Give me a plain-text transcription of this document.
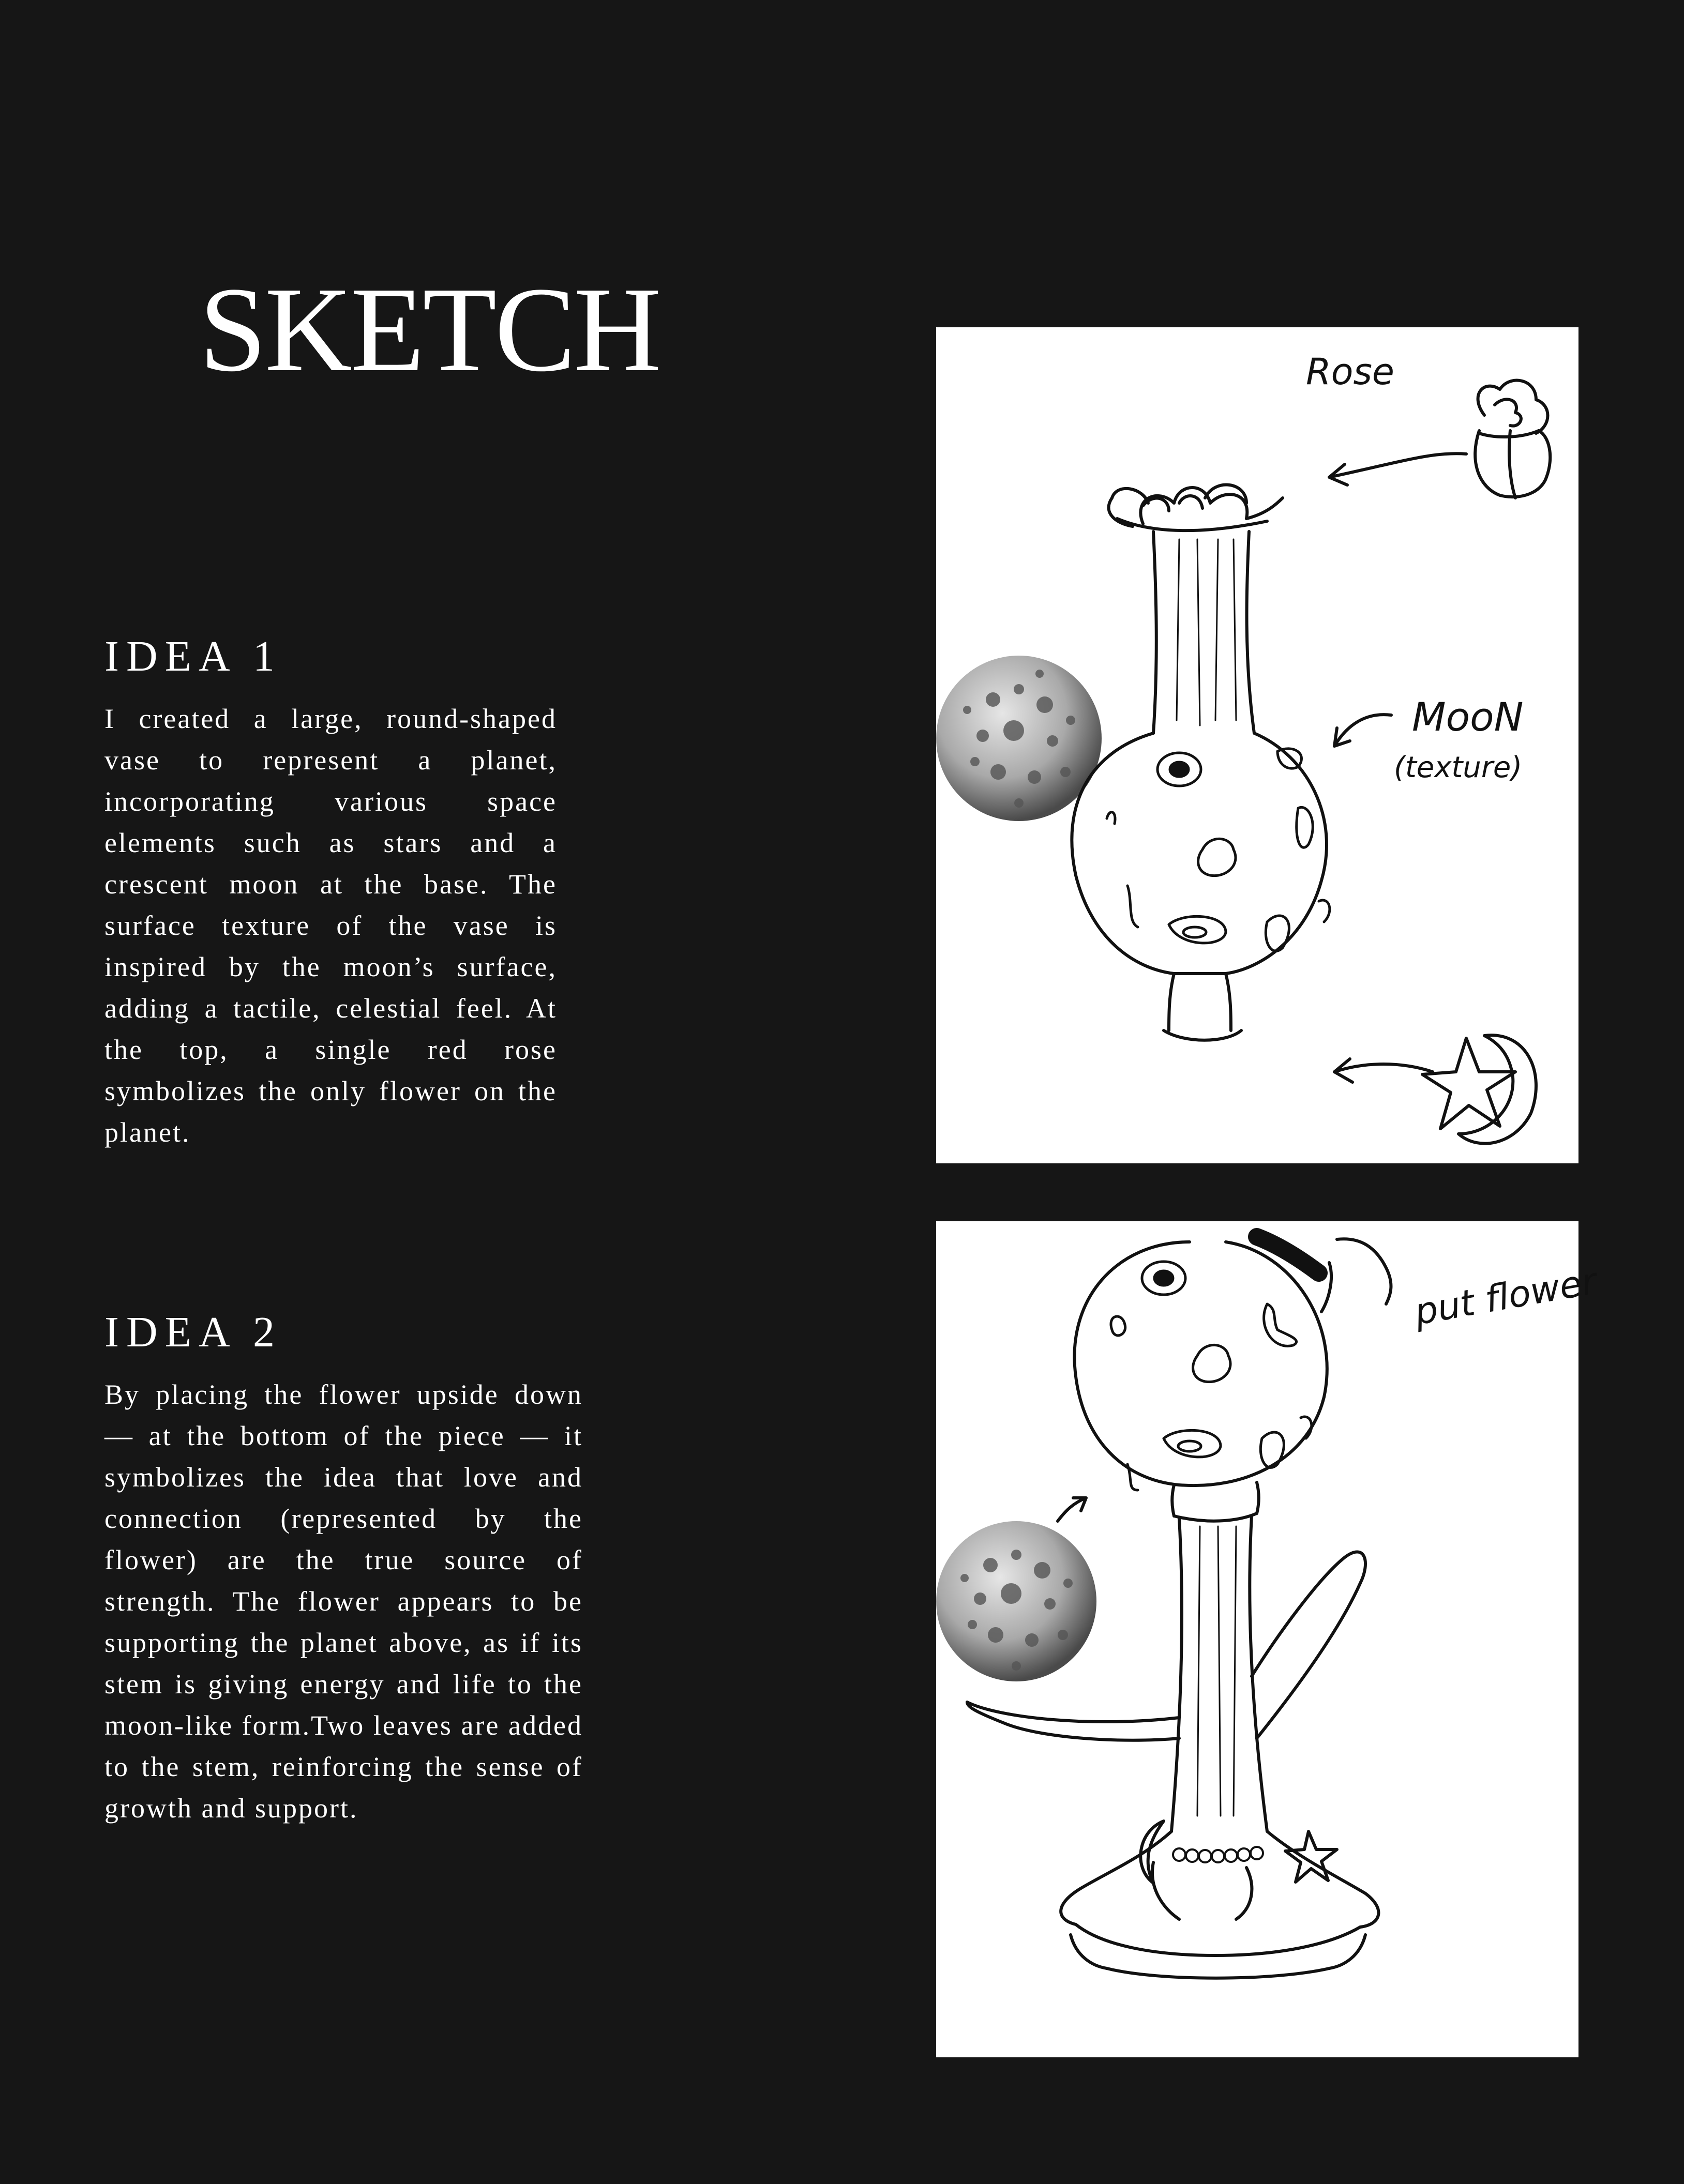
SKETCH
IDEA 1

I created a large, round-shaped vase to represent a planet, incorporating various space elements such as stars and a crescent moon at the base. The surface texture of the vase is inspired by the moon’s surface, adding a tactile, celestial feel. At the top, a single red rose symbolizes the only flower on the planet.

IDEA 2

By placing the flower upside down — at the bottom of the piece — it symbolizes the idea that love and connection (represented by the flower) are the true source of strength. The flower appears to be supporting the planet above, as if its stem is giving energy and life to the moon-like form.Two leaves are added to the stem, reinforcing the sense of growth and support.

Rose
MooN
(texture)
put flower
